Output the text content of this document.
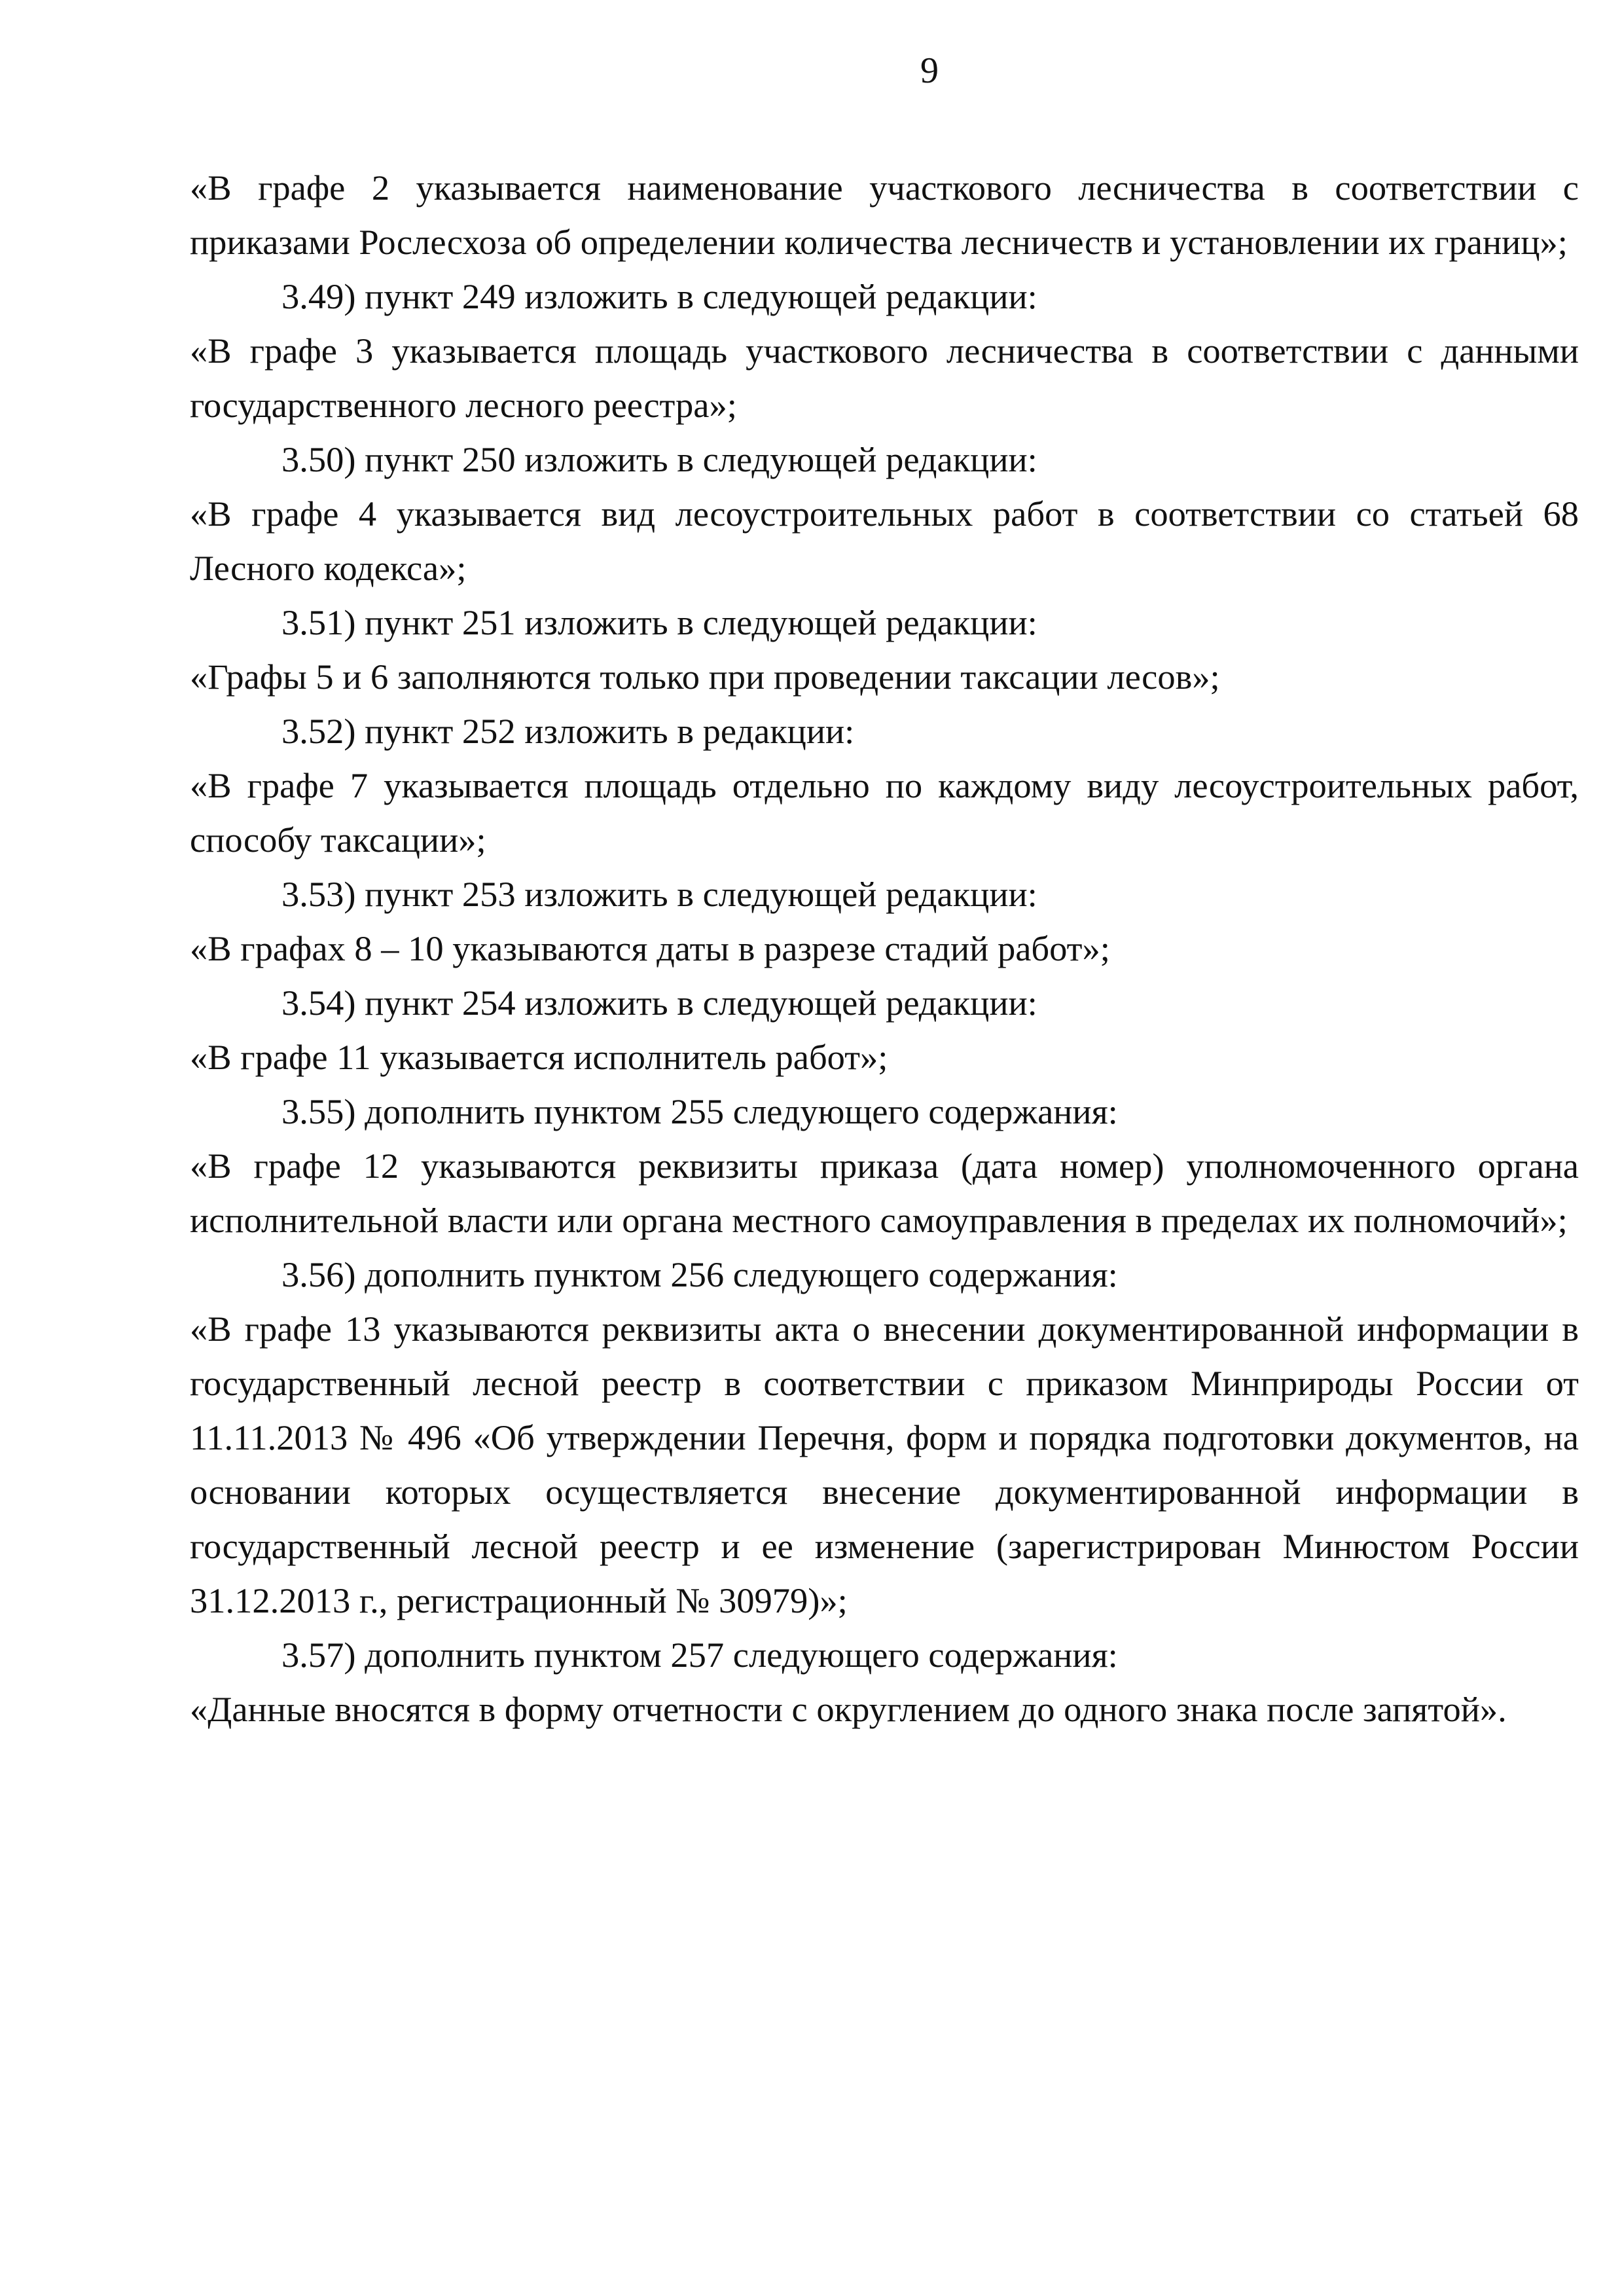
9

«В графе 2 указывается наименование участкового лесничества в соответствии с приказами Рослесхоза об определении количества лесничеств и установлении их границ»;

3.49) пункт 249 изложить в следующей редакции:

«В графе 3 указывается площадь участкового лесничества в соответствии с данными государственного лесного реестра»;

3.50) пункт 250 изложить в следующей редакции:

«В графе 4 указывается вид лесоустроительных работ в соответствии со статьей 68 Лесного кодекса»;

3.51) пункт 251 изложить в следующей редакции:

«Графы 5 и 6 заполняются только при проведении таксации лесов»;

3.52) пункт 252 изложить в редакции:

«В графе 7 указывается площадь отдельно по каждому виду лесоустроительных работ, способу таксации»;

3.53) пункт 253 изложить в следующей редакции:

«В графах 8 – 10 указываются даты в разрезе стадий работ»;

3.54) пункт 254 изложить в следующей редакции:

«В графе 11 указывается исполнитель работ»;

3.55) дополнить пунктом 255 следующего содержания:

«В графе 12 указываются реквизиты приказа (дата номер) уполномоченного органа исполнительной власти или органа местного самоуправления в пределах их полномочий»;

3.56) дополнить пунктом 256 следующего содержания:

«В графе 13 указываются реквизиты акта о внесении документированной информации в государственный лесной реестр в соответствии с приказом Минприроды России от 11.11.2013 № 496 «Об утверждении Перечня, форм и порядка подготовки документов, на основании которых осуществляется внесение документированной информации в государственный лесной реестр и ее изменение (зарегистрирован Минюстом России 31.12.2013 г., регистрационный № 30979)»;

3.57) дополнить пунктом 257 следующего содержания:

«Данные вносятся в форму отчетности с округлением до одного знака после запятой».
